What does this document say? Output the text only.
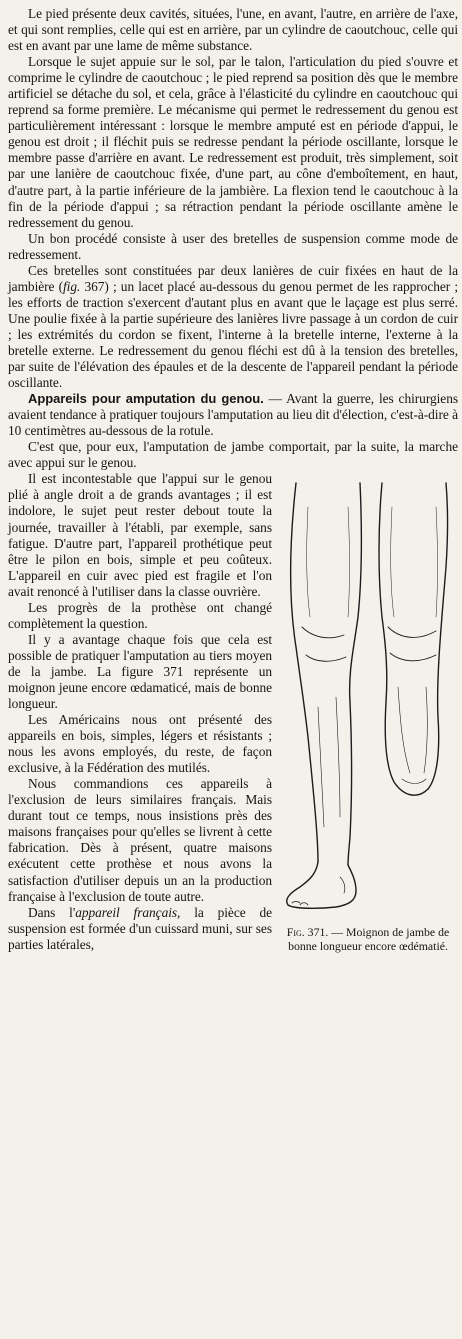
Le pied présente deux cavités, situées, l'une, en avant, l'autre, en arrière de l'axe, et qui sont remplies, celle qui est en arrière, par un cylindre de caoutchouc, celle qui est en avant par une lame de même substance.

Lorsque le sujet appuie sur le sol, par le talon, l'articulation du pied s'ouvre et comprime le cylindre de caoutchouc ; le pied reprend sa position dès que le membre artificiel se détache du sol, et cela, grâce à l'élasticité du cylindre en caoutchouc qui reprend sa forme première. Le mécanisme qui permet le redressement du genou est particulièrement intéressant : lorsque le membre amputé est en période d'appui, le genou est droit ; il fléchit puis se redresse pendant la période oscillante, lorsque le membre passe d'arrière en avant. Le redressement est produit, très simplement, soit par une lanière de caoutchouc fixée, d'une part, au cône d'emboîtement, en haut, d'autre part, à la partie inférieure de la jambière. La flexion tend le caoutchouc à la fin de la période d'appui ; sa rétraction pendant la période oscillante amène le redressement du genou.

Un bon procédé consiste à user des bretelles de suspension comme mode de redressement.

Ces bretelles sont constituées par deux lanières de cuir fixées en haut de la jambière (fig. 367) ; un lacet placé au-dessous du genou permet de les rapprocher ; les efforts de traction s'exercent d'autant plus en avant que le laçage est plus serré. Une poulie fixée à la partie supérieure des lanières livre passage à un cordon de cuir ; les extrémités du cordon se fixent, l'interne à la bretelle interne, l'externe à la bretelle externe. Le redressement du genou fléchi est dû à la tension des bretelles, par suite de l'élévation des épaules et de la descente de l'appareil pendant la période oscillante.

Appareils pour amputation du genou. — Avant la guerre, les chirurgiens avaient tendance à pratiquer toujours l'amputation au lieu dit d'élection, c'est-à-dire à 10 centimètres au-dessous de la rotule.

C'est que, pour eux, l'amputation de jambe comportait, par la suite, la marche avec appui sur le genou.

Fig. 371. — Moignon de jambe de bonne longueur encore œdématié.

Il est incontestable que l'appui sur le genou plié à angle droit a de grands avantages ; il est indolore, le sujet peut rester debout toute la journée, travailler à l'établi, par exemple, sans fatigue. D'autre part, l'appareil prothétique peut être le pilon en bois, simple et peu coûteux. L'appareil en cuir avec pied est fragile et l'on avait renoncé à l'utiliser dans la classe ouvrière.

Les progrès de la prothèse ont changé complètement la question.

Il y a avantage chaque fois que cela est possible de pratiquer l'amputation au tiers moyen de la jambe. La figure 371 représente un moignon jeune encore œdamaticé, mais de bonne longueur.

Les Américains nous ont présenté des appareils en bois, simples, légers et résistants ; nous les avons employés, du reste, de façon exclusive, à la Fédération des mutilés.

Nous commandions ces appareils à l'exclusion de leurs similaires français. Mais durant tout ce temps, nous insistions près des maisons françaises pour qu'elles se livrent à cette fabrication. Dès à présent, quatre maisons exécutent cette prothèse et nous avons la satisfaction d'utiliser depuis un an la production française à l'exclusion de toute autre.

Dans l'appareil français, la pièce de suspension est formée d'un cuissard muni, sur ses parties latérales,
